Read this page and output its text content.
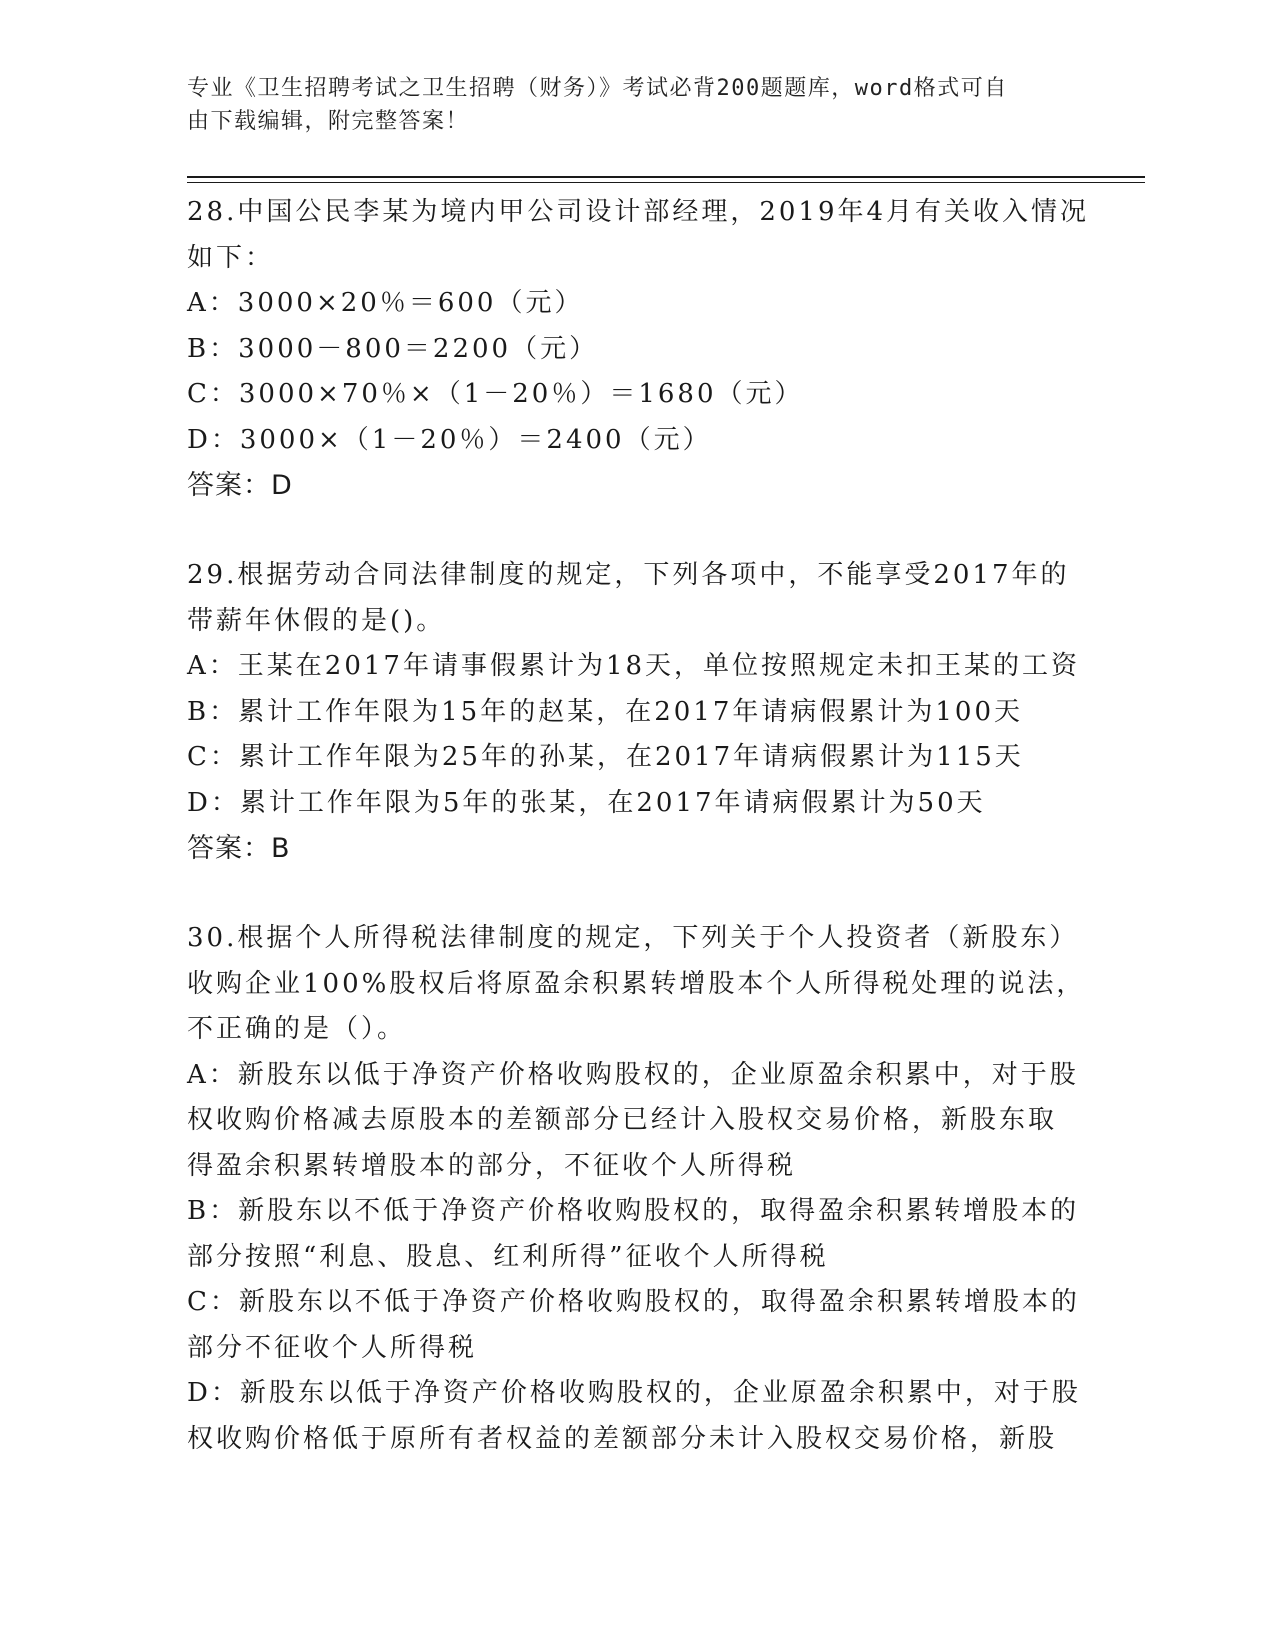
专业《卫生招聘考试之卫生招聘（财务）》考试必背200题题库，word格式可自
由下载编辑，附完整答案！
28.中国公民李某为境内甲公司设计部经理，2019年4月有关收入情况
如下：
A：3000×20％＝600（元）
B：3000－800＝2200（元）
C：3000×70％×（1－20％）＝1680（元）
D：3000×（1－20％）＝2400（元）
答案：D
29.根据劳动合同法律制度的规定，下列各项中，不能享受2017年的
带薪年休假的是()。
A：王某在2017年请事假累计为18天，单位按照规定未扣王某的工资
B：累计工作年限为15年的赵某，在2017年请病假累计为100天
C：累计工作年限为25年的孙某，在2017年请病假累计为115天
D：累计工作年限为5年的张某，在2017年请病假累计为50天
答案：B
30.根据个人所得税法律制度的规定，下列关于个人投资者（新股东）
收购企业100%股权后将原盈余积累转增股本个人所得税处理的说法，
不正确的是（）。
A：新股东以低于净资产价格收购股权的，企业原盈余积累中，对于股
权收购价格减去原股本的差额部分已经计入股权交易价格，新股东取
得盈余积累转增股本的部分，不征收个人所得税
B：新股东以不低于净资产价格收购股权的，取得盈余积累转增股本的
部分按照“利息、股息、红利所得”征收个人所得税
C：新股东以不低于净资产价格收购股权的，取得盈余积累转增股本的
部分不征收个人所得税
D：新股东以低于净资产价格收购股权的，企业原盈余积累中，对于股
权收购价格低于原所有者权益的差额部分未计入股权交易价格，新股
